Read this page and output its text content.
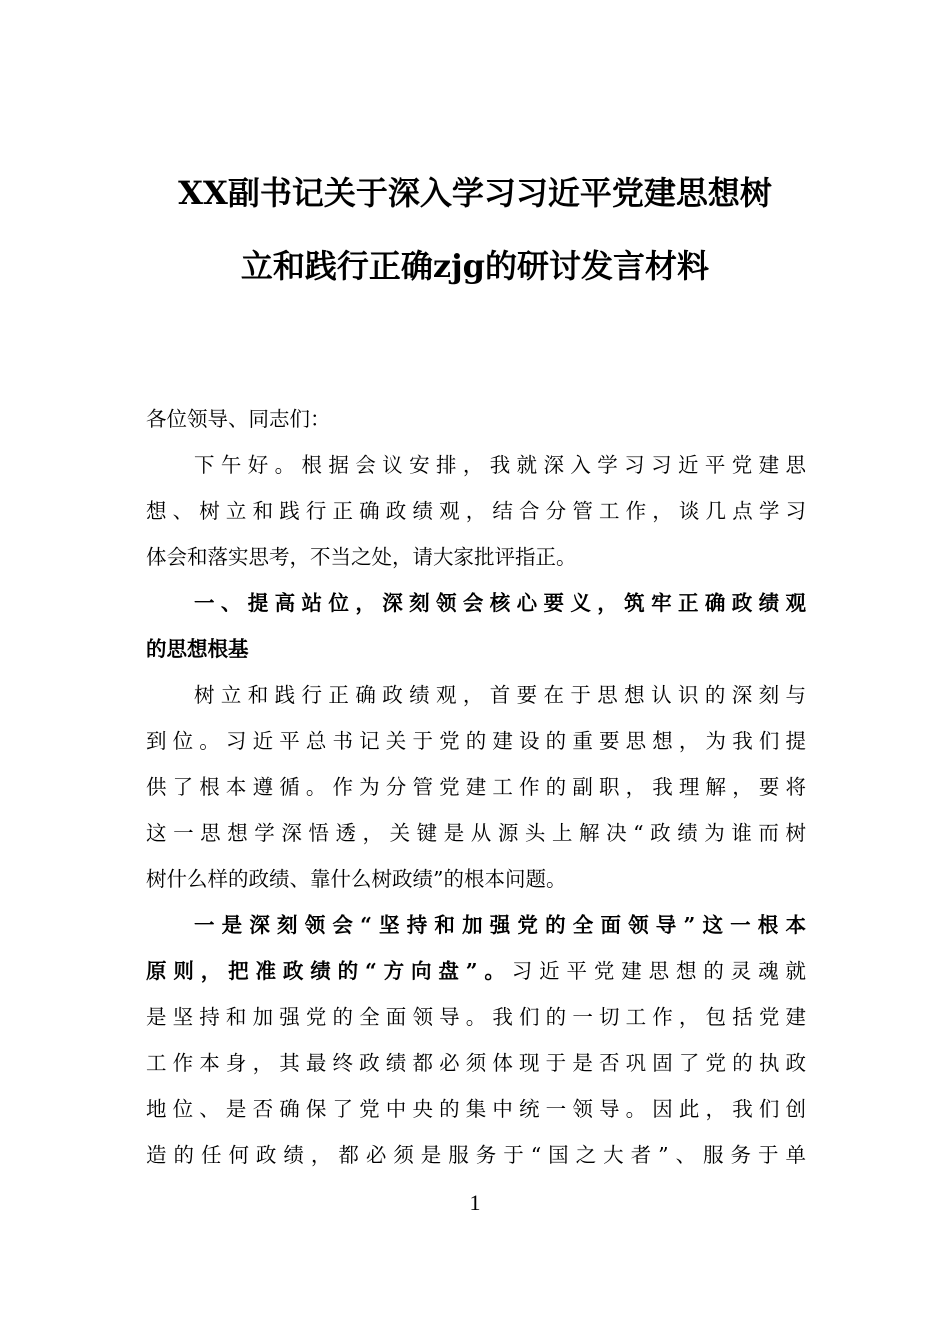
XX副书记关于深入学习习近平党建思想树
立和践行正确zjg的研讨发言材料
各位领导、同志们：
下午好。根据会议安排，我就深入学习习近平党建思
想、树立和践行正确政绩观，结合分管工作，谈几点学习
体会和落实思考，不当之处，请大家批评指正。
一、提高站位，深刻领会核心要义，筑牢正确政绩观
的思想根基
树立和践行正确政绩观，首要在于思想认识的深刻与
到位。习近平总书记关于党的建设的重要思想，为我们提
供了根本遵循。作为分管党建工作的副职，我理解，要将
这一思想学深悟透，关键是从源头上解决“政绩为谁而树
树什么样的政绩、靠什么树政绩”的根本问题。
一是深刻领会“坚持和加强党的全面领导”这一根本
原则，把准政绩的“方向盘”。习近平党建思想的灵魂就
是坚持和加强党的全面领导。我们的一切工作，包括党建
工作本身，其最终政绩都必须体现于是否巩固了党的执政
地位、是否确保了党中央的集中统一领导。因此，我们创
造的任何政绩，都必须是服务于“国之大者”、服务于单
1
